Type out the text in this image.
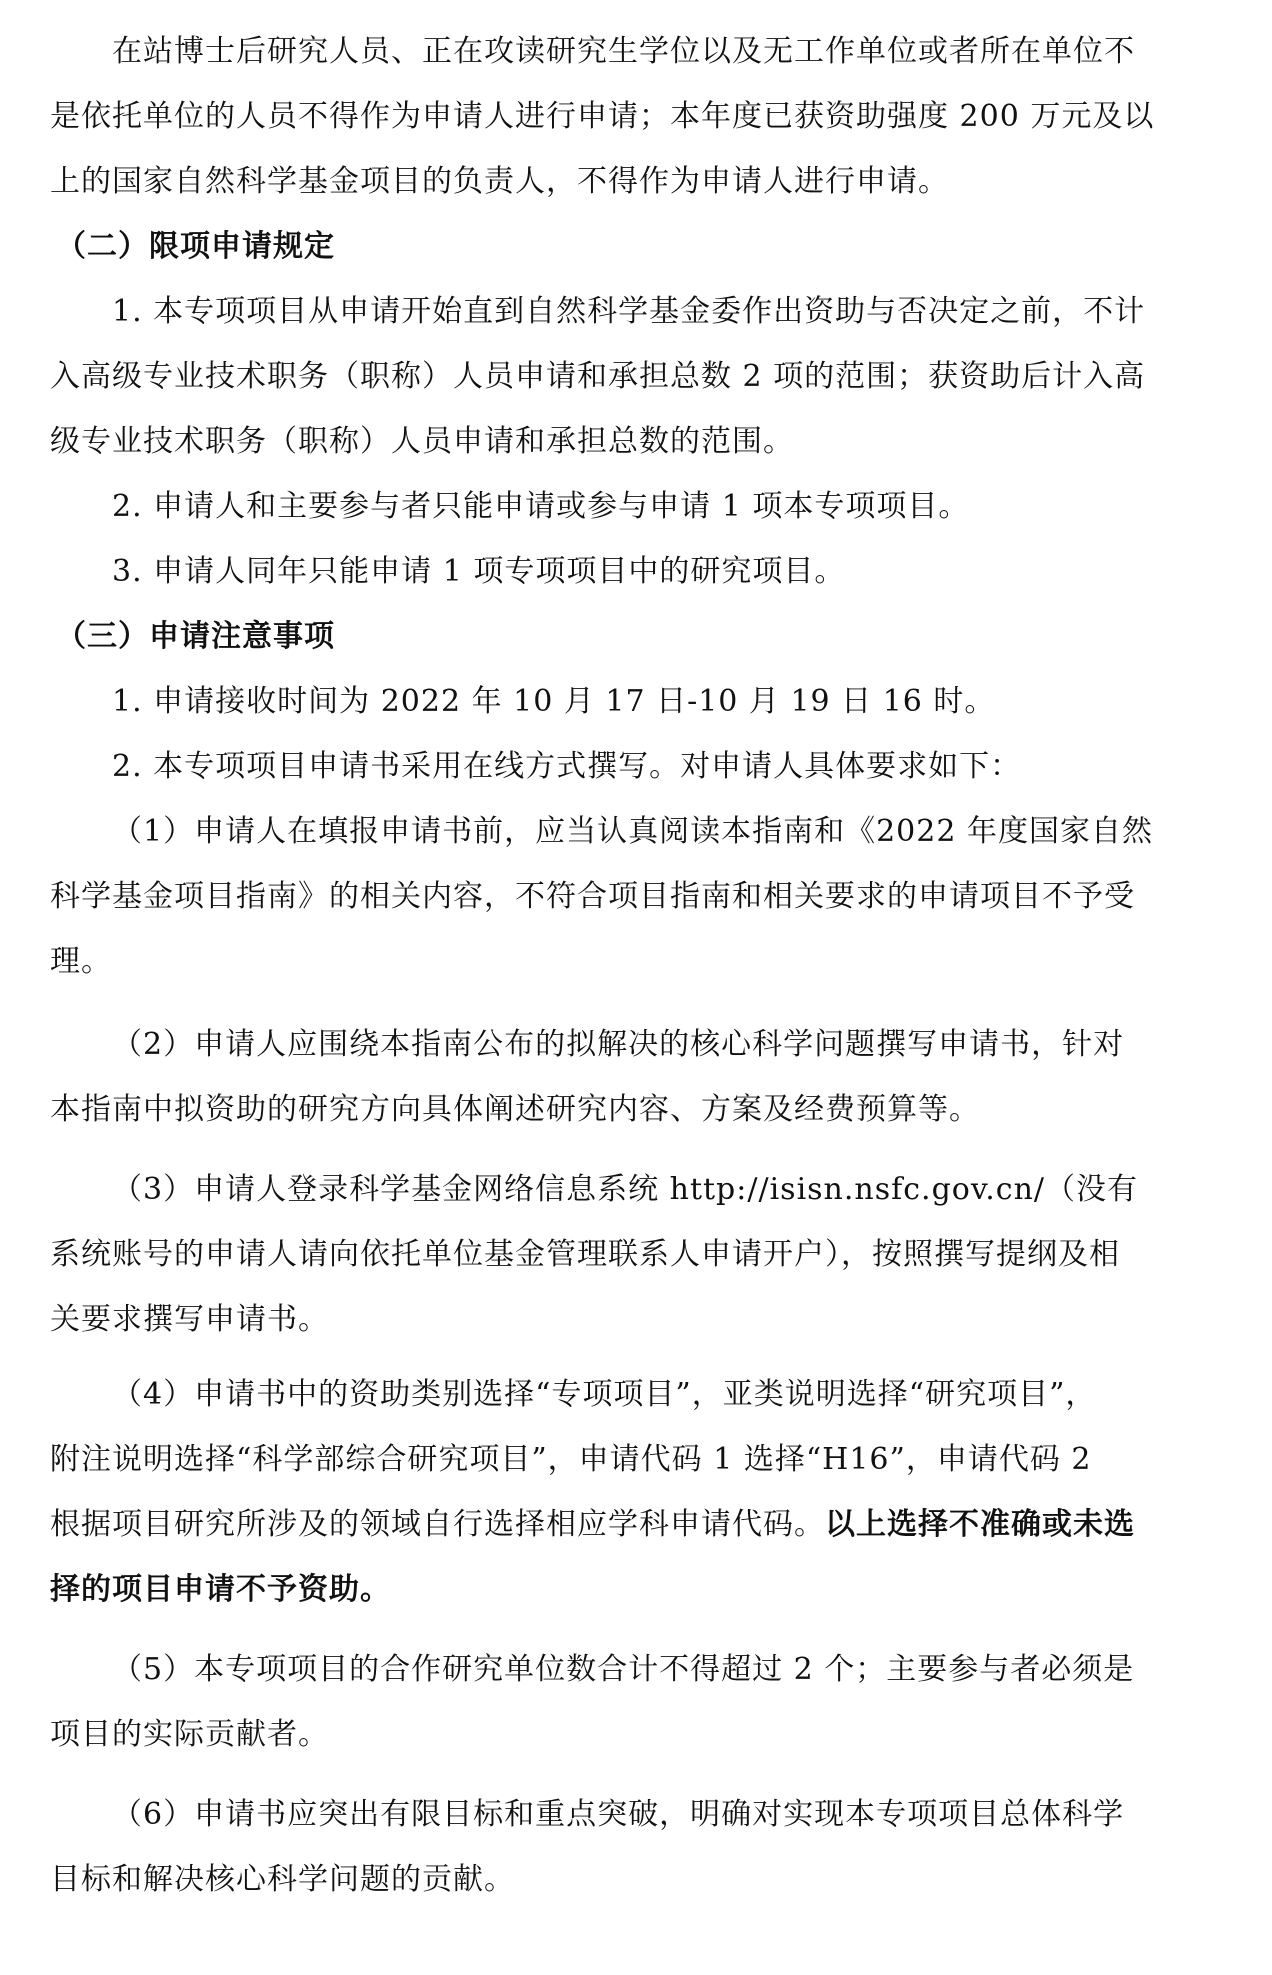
在站博士后研究人员、正在攻读研究生学位以及无工作单位或者所在单位不
是依托单位的人员不得作为申请人进行申请；本年度已获资助强度 200 万元及以
上的国家自然科学基金项目的负责人，不得作为申请人进行申请。
（二）限项申请规定
1. 本专项项目从申请开始直到自然科学基金委作出资助与否决定之前，不计
入高级专业技术职务（职称）人员申请和承担总数 2 项的范围；获资助后计入高
级专业技术职务（职称）人员申请和承担总数的范围。
2. 申请人和主要参与者只能申请或参与申请 1 项本专项项目。
3. 申请人同年只能申请 1 项专项项目中的研究项目。
（三）申请注意事项
1. 申请接收时间为 2022 年 10 月 17 日-10 月 19 日 16 时。
2. 本专项项目申请书采用在线方式撰写。对申请人具体要求如下：
（1）申请人在填报申请书前，应当认真阅读本指南和《2022 年度国家自然
科学基金项目指南》的相关内容，不符合项目指南和相关要求的申请项目不予受
理。
（2）申请人应围绕本指南公布的拟解决的核心科学问题撰写申请书，针对
本指南中拟资助的研究方向具体阐述研究内容、方案及经费预算等。
（3）申请人登录科学基金网络信息系统 http://isisn.nsfc.gov.cn/（没有
系统账号的申请人请向依托单位基金管理联系人申请开户），按照撰写提纲及相
关要求撰写申请书。
（4）申请书中的资助类别选择“专项项目”，亚类说明选择“研究项目”，
附注说明选择“科学部综合研究项目”，申请代码 1 选择“H16”，申请代码 2
根据项目研究所涉及的领域自行选择相应学科申请代码。以上选择不准确或未选
择的项目申请不予资助。
（5）本专项项目的合作研究单位数合计不得超过 2 个；主要参与者必须是
项目的实际贡献者。
（6）申请书应突出有限目标和重点突破，明确对实现本专项项目总体科学
目标和解决核心科学问题的贡献。
